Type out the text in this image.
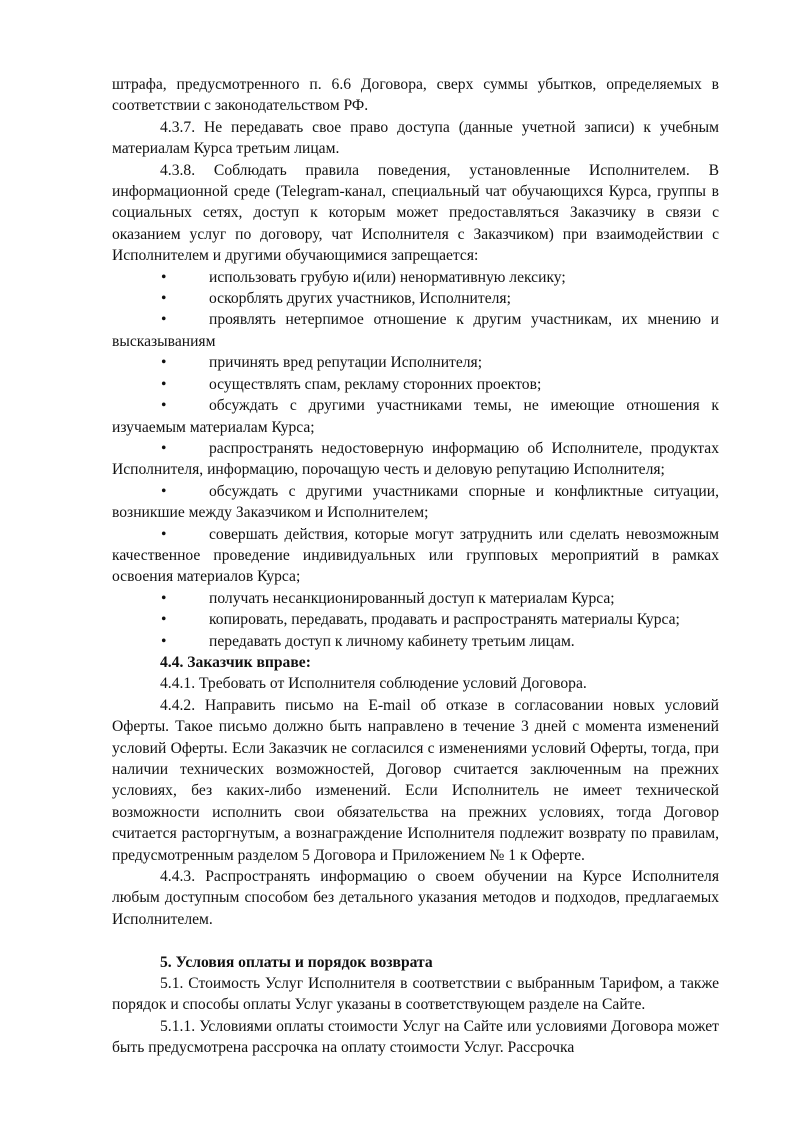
штрафа, предусмотренного п. 6.6 Договора, сверх суммы убытков, определяемых в соответствии с законодательством РФ.

4.3.7. Не передавать свое право доступа (данные учетной записи) к учебным материалам Курса третьим лицам.

4.3.8. Соблюдать правила поведения, установленные Исполнителем. В информационной среде (Telegram-канал, специальный чат обучающихся Курса, группы в социальных сетях, доступ к которым может предоставляться Заказчику в связи с оказанием услуг по договору, чат Исполнителя с Заказчиком) при взаимодействии с Исполнителем и другими обучающимися запрещается:

•	использовать грубую и(или) ненормативную лексику;

•	оскорблять других участников, Исполнителя;

•	проявлять нетерпимое отношение к другим участникам, их мнению и высказываниям

•	причинять вред репутации Исполнителя;

•	осуществлять спам, рекламу сторонних проектов;

•	обсуждать с другими участниками темы, не имеющие отношения к изучаемым материалам Курса;

•	распространять недостоверную информацию об Исполнителе, продуктах Исполнителя, информацию, порочащую честь и деловую репутацию Исполнителя;

•	обсуждать с другими участниками спорные и конфликтные ситуации, возникшие между Заказчиком и Исполнителем;

•	совершать действия, которые могут затруднить или сделать невозможным качественное проведение индивидуальных или групповых мероприятий в рамках освоения материалов Курса;

•	получать несанкционированный доступ к материалам Курса;

•	копировать, передавать, продавать и распространять материалы Курса;

•	передавать доступ к личному кабинету третьим лицам.

4.4. Заказчик вправе:

4.4.1. Требовать от Исполнителя соблюдение условий Договора.

4.4.2. Направить письмо на E-mail об отказе в согласовании новых условий Оферты. Такое письмо должно быть направлено в течение 3 дней с момента изменений условий Оферты. Если Заказчик не согласился с изменениями условий Оферты, тогда, при наличии технических возможностей, Договор считается заключенным на прежних условиях, без каких-либо изменений. Если Исполнитель не имеет технической возможности исполнить свои обязательства на прежних условиях, тогда Договор считается расторгнутым, а вознаграждение Исполнителя подлежит возврату по правилам, предусмотренным разделом 5 Договора и Приложением № 1 к Оферте.

4.4.3. Распространять информацию о своем обучении на Курсе Исполнителя любым доступным способом без детального указания методов и подходов, предлагаемых Исполнителем.

5. Условия оплаты и порядок возврата

5.1. Стоимость Услуг Исполнителя в соответствии с выбранным Тарифом, а также порядок и способы оплаты Услуг указаны в соответствующем разделе на Сайте.

5.1.1. Условиями оплаты стоимости Услуг на Сайте или условиями Договора может быть предусмотрена рассрочка на оплату стоимости Услуг. Рассрочка
